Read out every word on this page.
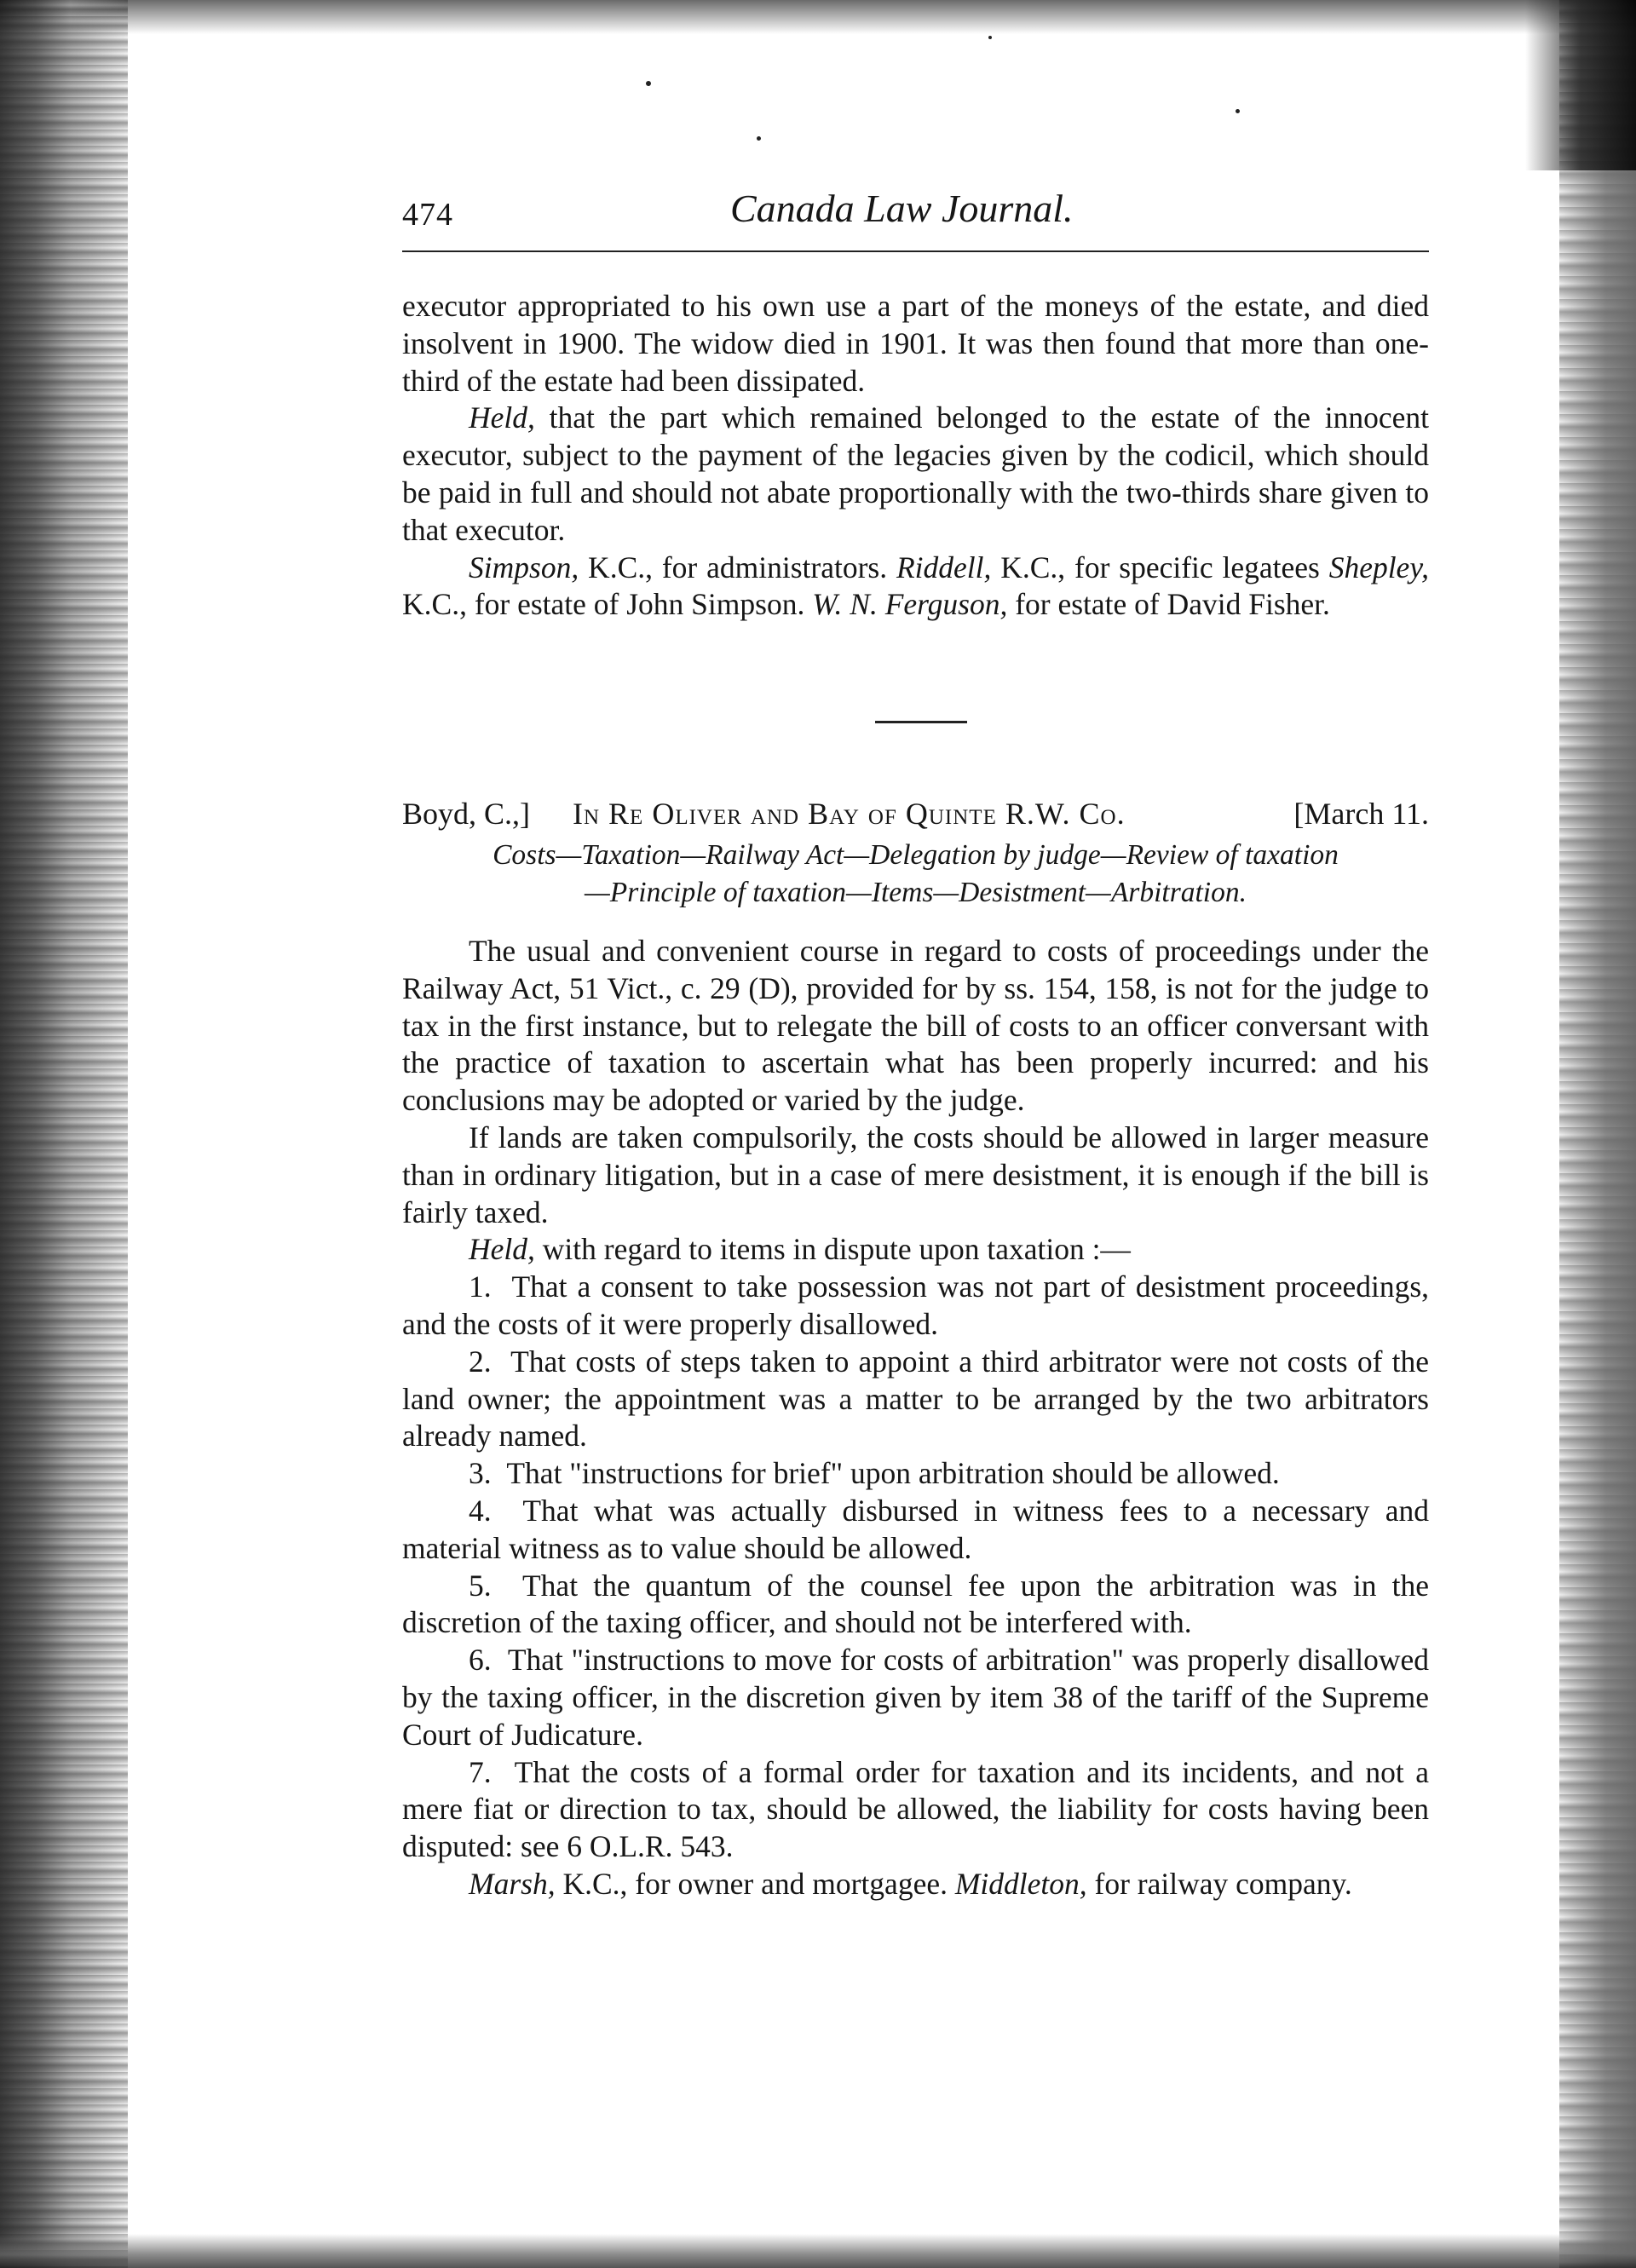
474	Canada Law Journal.

executor appropriated to his own use a part of the moneys of the estate, and died insolvent in 1900. The widow died in 1901. It was then found that more than one-third of the estate had been dissipated.

Held, that the part which remained belonged to the estate of the innocent executor, subject to the payment of the legacies given by the codicil, which should be paid in full and should not abate proportionally with the two-thirds share given to that executor.

Simpson, K.C., for administrators. Riddell, K.C., for specific legatees Shepley, K.C., for estate of John Simpson. W. N. Ferguson, for estate of David Fisher.

Boyd, C.,] In Re Oliver and Bay of Quinte R.W. Co.	[March 11.
Costs—Taxation—Railway Act—Delegation by judge—Review of taxation
—Principle of taxation—Items—Desistment—Arbitration.

The usual and convenient course in regard to costs of proceedings under the Railway Act, 51 Vict., c. 29 (D), provided for by ss. 154, 158, is not for the judge to tax in the first instance, but to relegate the bill of costs to an officer conversant with the practice of taxation to ascertain what has been properly incurred: and his conclusions may be adopted or varied by the judge.

If lands are taken compulsorily, the costs should be allowed in larger measure than in ordinary litigation, but in a case of mere desistment, it is enough if the bill is fairly taxed.

Held, with regard to items in dispute upon taxation :—

1. That a consent to take possession was not part of desistment proceedings, and the costs of it were properly disallowed.

2. That costs of steps taken to appoint a third arbitrator were not costs of the land owner; the appointment was a matter to be arranged by the two arbitrators already named.

3. That "instructions for brief" upon arbitration should be allowed.

4. That what was actually disbursed in witness fees to a necessary and material witness as to value should be allowed.

5. That the quantum of the counsel fee upon the arbitration was in the discretion of the taxing officer, and should not be interfered with.

6. That "instructions to move for costs of arbitration" was properly disallowed by the taxing officer, in the discretion given by item 38 of the tariff of the Supreme Court of Judicature.

7. That the costs of a formal order for taxation and its incidents, and not a mere fiat or direction to tax, should be allowed, the liability for costs having been disputed: see 6 O.L.R. 543.

Marsh, K.C., for owner and mortgagee. Middleton, for railway company.
